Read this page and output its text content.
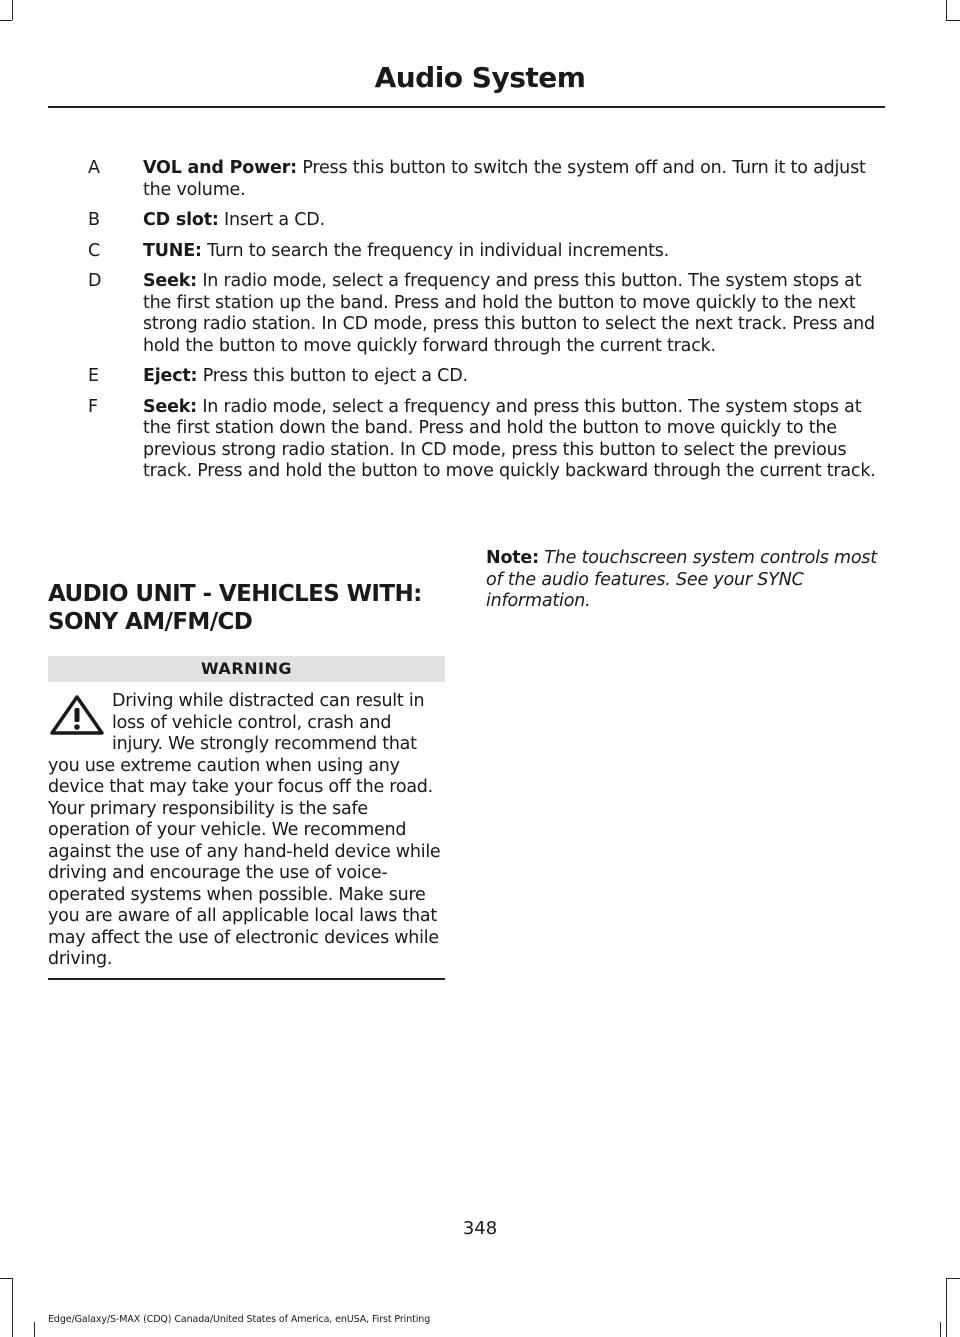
Audio System
A VOL and Power: Press this button to switch the system off and on. Turn it to adjust the volume.
B CD slot: Insert a CD.
C TUNE: Turn to search the frequency in individual increments.
D Seek: In radio mode, select a frequency and press this button. The system stops at the first station up the band. Press and hold the button to move quickly to the next strong radio station. In CD mode, press this button to select the next track. Press and hold the button to move quickly forward through the current track.
E	Eject: Press this button to eject a CD.
F	Seek: In radio mode, select a frequency and press this button. The system stops at the first station down the band. Press and hold the button to move quickly to the previous strong radio station. In CD mode, press this button to select the previous track. Press and hold the button to move quickly backward through the current track.
AUDIO UNIT - VEHICLES WITH:
SONY AM/FM/CD
WARNING
Driving while distracted can result in loss of vehicle control, crash and injury. We strongly recommend that you use extreme caution when using any device that may take your focus off the road. Your primary responsibility is the safe operation of your vehicle. We recommend against the use of any hand-held device while driving and encourage the use of voice-operated systems when possible. Make sure you are aware of all applicable local laws that may affect the use of electronic devices while driving.
Note: The touchscreen system controls most of the audio features. See your SYNC information.
348
Edge/Galaxy/S-MAX (CDQ) Canada/United States of America, enUSA, First Printing
